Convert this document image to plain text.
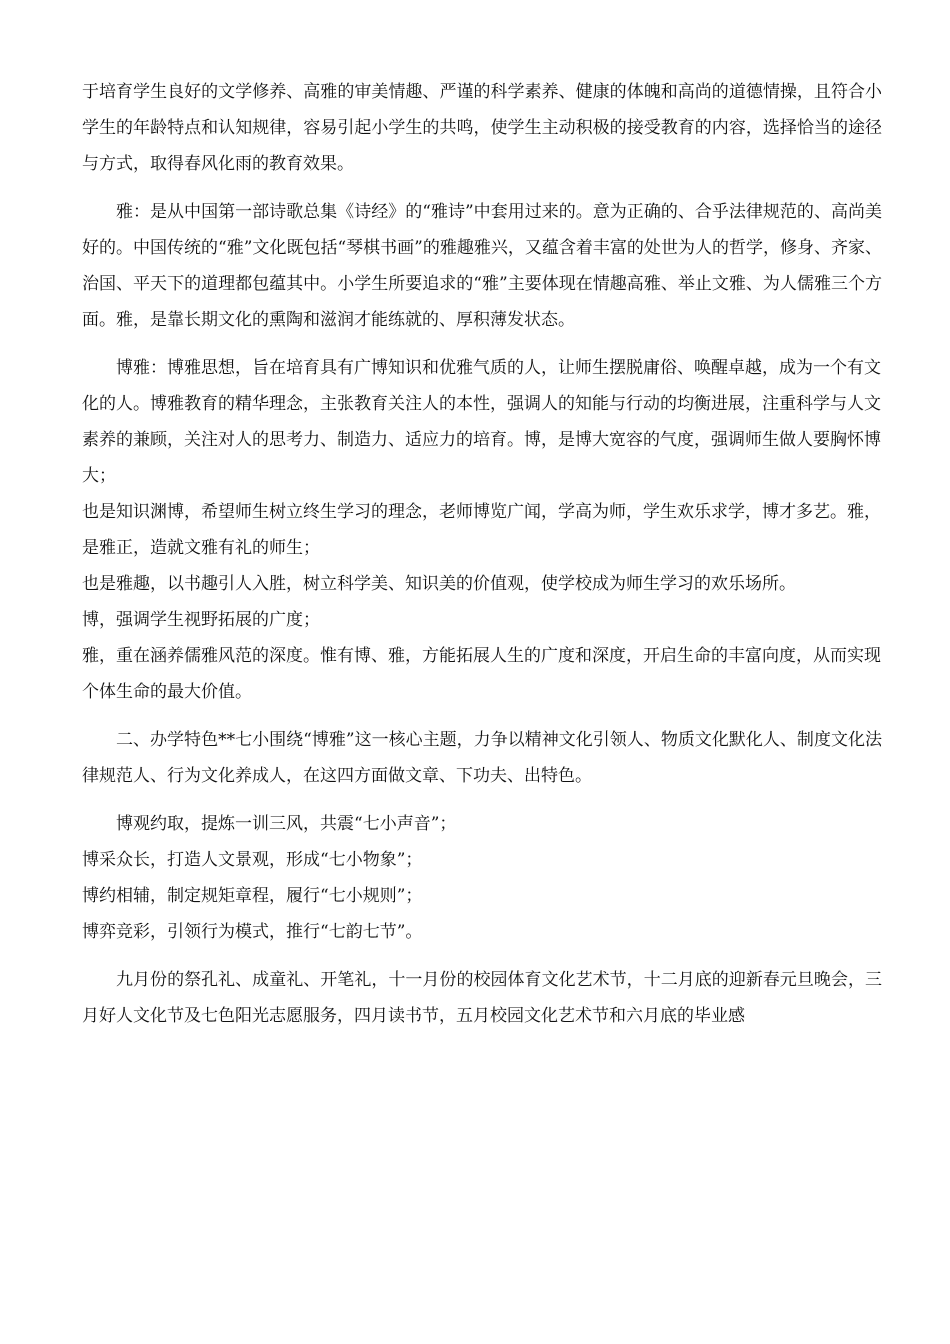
于培育学生良好的文学修养、高雅的审美情趣、严谨的科学素养、健康的体魄和高尚的道德情操，且符合小学生的年龄特点和认知规律，容易引起小学生的共鸣，使学生主动积极的接受教育的内容，选择恰当的途径与方式，取得春风化雨的教育效果。

雅：是从中国第一部诗歌总集《诗经》的“雅诗”中套用过来的。意为正确的、合乎法律规范的、高尚美好的。中国传统的“雅”文化既包括“琴棋书画”的雅趣雅兴，又蕴含着丰富的处世为人的哲学，修身、齐家、治国、平天下的道理都包蕴其中。小学生所要追求的“雅”主要体现在情趣高雅、举止文雅、为人儒雅三个方面。雅，是靠长期文化的熏陶和滋润才能练就的、厚积薄发状态。

博雅：博雅思想，旨在培育具有广博知识和优雅气质的人，让师生摆脱庸俗、唤醒卓越，成为一个有文化的人。博雅教育的精华理念，主张教育关注人的本性，强调人的知能与行动的均衡进展，注重科学与人文素养的兼顾，关注对人的思考力、制造力、适应力的培育。博，是博大宽容的气度，强调师生做人要胸怀博大；

也是知识渊博，希望师生树立终生学习的理念，老师博览广闻，学高为师，学生欢乐求学，博才多艺。雅，是雅正，造就文雅有礼的师生；

也是雅趣，以书趣引人入胜，树立科学美、知识美的价值观，使学校成为师生学习的欢乐场所。

博，强调学生视野拓展的广度；

雅，重在涵养儒雅风范的深度。惟有博、雅，方能拓展人生的广度和深度，开启生命的丰富向度，从而实现个体生命的最大价值。

二、办学特色**七小围绕“博雅”这一核心主题，力争以精神文化引领人、物质文化默化人、制度文化法律规范人、行为文化养成人，在这四方面做文章、下功夫、出特色。

博观约取，提炼一训三风，共震“七小声音”；

博采众长，打造人文景观，形成“七小物象”；

博约相辅，制定规矩章程，履行“七小规则”；

博弈竞彩，引领行为模式，推行“七韵七节”。

九月份的祭孔礼、成童礼、开笔礼，十一月份的校园体育文化艺术节，十二月底的迎新春元旦晚会，三月好人文化节及七色阳光志愿服务，四月读书节，五月校园文化艺术节和六月底的毕业感
